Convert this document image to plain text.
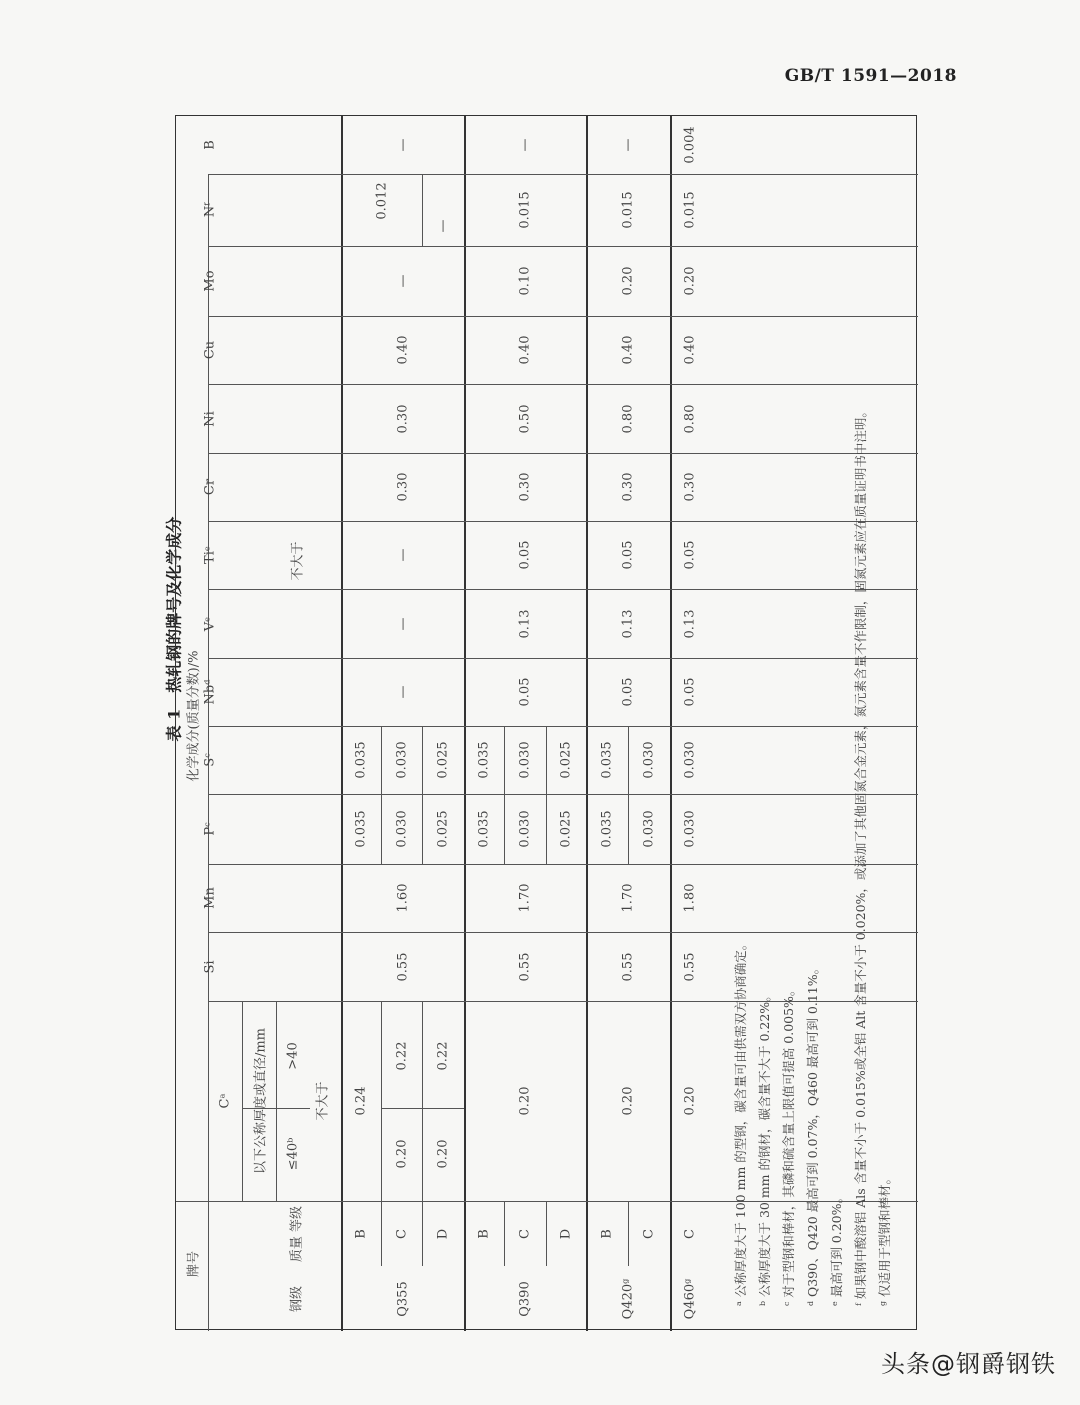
GB/T 1591—2018
表 1　热轧钢的牌号及化学成分
牌号
钢级
质量 等级
化学成分(质量分数)/%
Cᵃ	以下公称厚度或直径/mm ≤40ᵇ
>40
不大于
不大于
Si
Mn
Pᶜ
Sᶜ
Nbᵈ
Vᵉ
Tiᵉ
Cr
Ni
Cu
Mo
Nᶠ
B
Q355
B C D
0.035 0.030 0.025
0.035 0.030 0.025
0.24
0.20 0.20
0.22 0.22
0.55
1.60
—
—
—
0.30
0.30
0.40
—
0.012
—
—
Q390
B C D
0.035 0.030 0.025
0.035 0.030 0.025
0.20
0.55
1.70
0.05
0.13
0.05
0.30
0.50
0.40
0.10
0.015
—
Q420ᵍ
B C
0.035 0.030
0.035 0.030
0.20
0.55
1.70
0.05
0.13
0.05
0.30
0.80
0.40
0.20
0.015
—
Q460ᵍ
C
0.030
0.030
0.20
0.55
1.80
0.05
0.13
0.05
0.30
0.80
0.40
0.20
0.015
0.004
ᵃ 公称厚度大于 100 mm 的型钢，碳含量可由供需双方协商确定。 ᵇ 公称厚度大于 30 mm 的钢材，碳含量不大于 0.22%。 ᶜ 对于型钢和棒材，其磷和硫含量上限值可提高 0.005%。 ᵈ Q390、Q420 最高可到 0.07%，Q460 最高可到 0.11%。 ᵉ 最高可到 0.20%。 ᶠ 如果钢中酸溶铝 Als 含量不小于 0.015%或全铝 Alt 含量不小于 0.020%，或添加了其他固氮合金元素，氮元素含量不作限制，固氮元素应在质量证明书中注明。 ᵍ 仅适用于型钢和棒材。
头条@钢爵钢铁
